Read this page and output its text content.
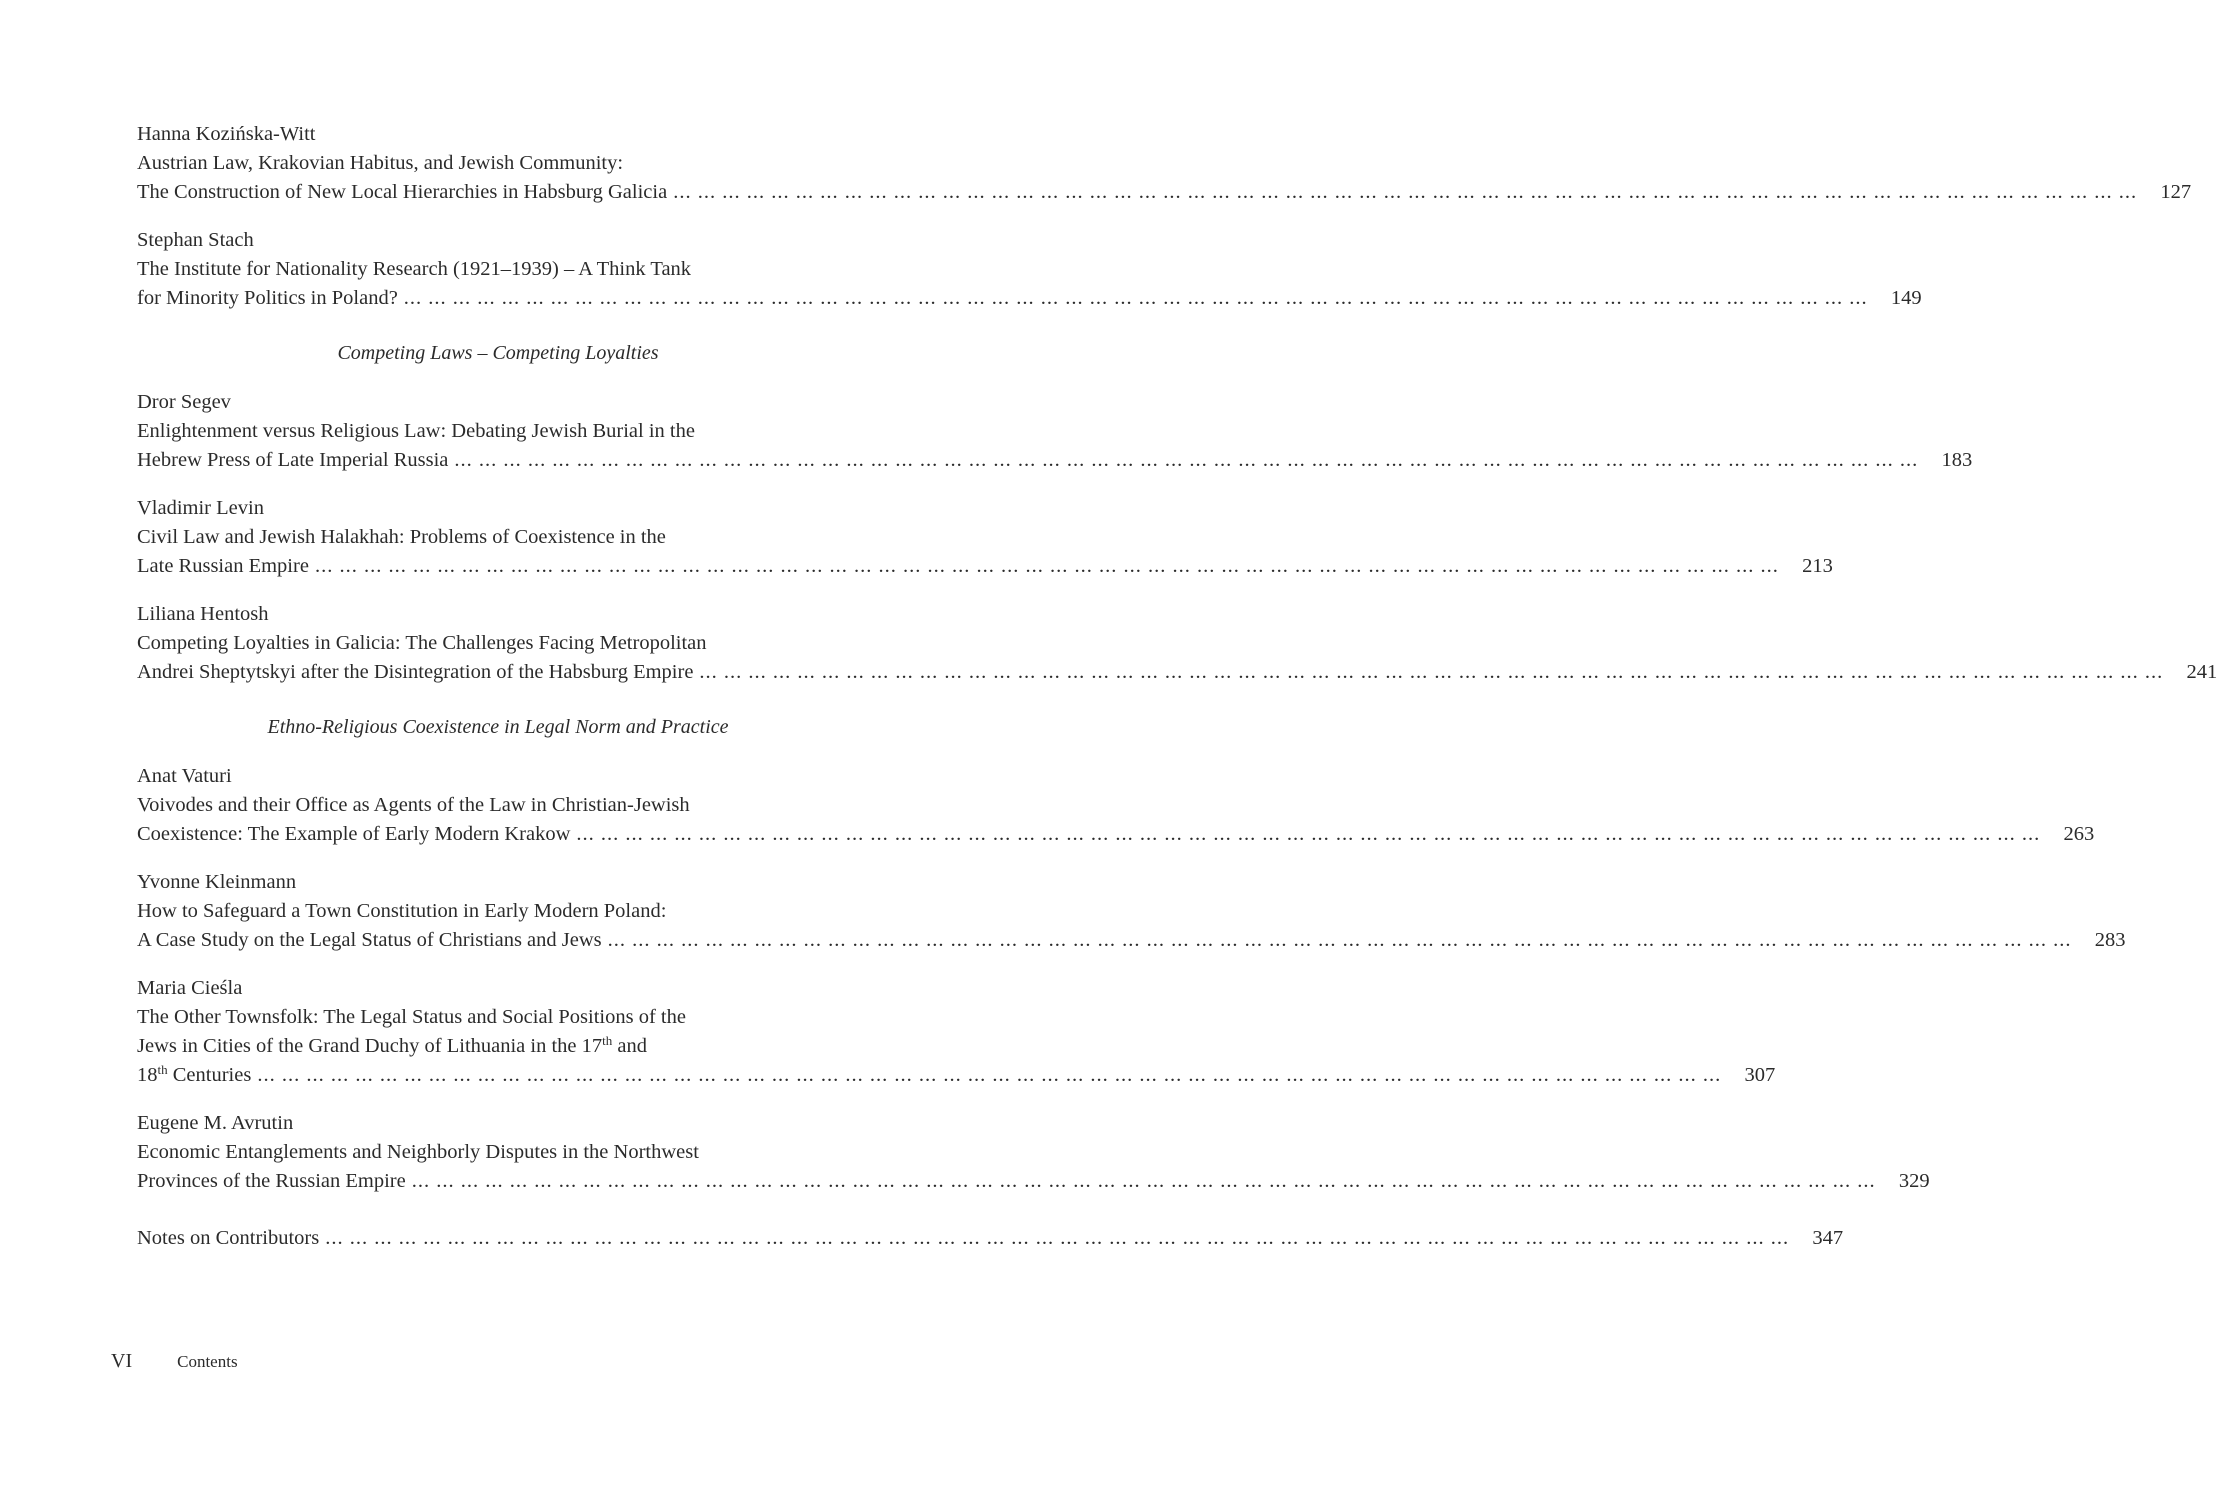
Hanna Kozińska-Witt
Austrian Law, Krakovian Habitus, and Jewish Community:
The Construction of New Local Hierarchies in Habsburg Galicia ... ... ... ... ... ... ... ... ... ... ... ... ... ... ... ... ... ... ... ... ... ... ... ... ... ... ... ... ... ... ... ... ... ... ... ... ... ... ... ... ... ... ... ... ... ... ... ... ... ... ... ... ... ... ... ... ... ... ... ... 127
Stephan Stach
The Institute for Nationality Research (1921–1939) – A Think Tank
for Minority Politics in Poland? ... ... ... ... ... ... ... ... ... ... ... ... ... ... ... ... ... ... ... ... ... ... ... ... ... ... ... ... ... ... ... ... ... ... ... ... ... ... ... ... ... ... ... ... ... ... ... ... ... ... ... ... ... ... ... ... ... ... ... ... 149
Competing Laws – Competing Loyalties
Dror Segev
Enlightenment versus Religious Law: Debating Jewish Burial in the
Hebrew Press of Late Imperial Russia ... ... ... ... ... ... ... ... ... ... ... ... ... ... ... ... ... ... ... ... ... ... ... ... ... ... ... ... ... ... ... ... ... ... ... ... ... ... ... ... ... ... ... ... ... ... ... ... ... ... ... ... ... ... ... ... ... ... ... ... 183
Vladimir Levin
Civil Law and Jewish Halakhah: Problems of Coexistence in the
Late Russian Empire ... ... ... ... ... ... ... ... ... ... ... ... ... ... ... ... ... ... ... ... ... ... ... ... ... ... ... ... ... ... ... ... ... ... ... ... ... ... ... ... ... ... ... ... ... ... ... ... ... ... ... ... ... ... ... ... ... ... ... ... 213
Liliana Hentosh
Competing Loyalties in Galicia: The Challenges Facing Metropolitan
Andrei Sheptytskyi after the Disintegration of the Habsburg Empire ... ... ... ... ... ... ... ... ... ... ... ... ... ... ... ... ... ... ... ... ... ... ... ... ... ... ... ... ... ... ... ... ... ... ... ... ... ... ... ... ... ... ... ... ... ... ... ... ... ... ... ... ... ... ... ... ... ... ... ... 241
Ethno-Religious Coexistence in Legal Norm and Practice
Anat Vaturi
Voivodes and their Office as Agents of the Law in Christian-Jewish
Coexistence: The Example of Early Modern Krakow ... ... ... ... ... ... ... ... ... ... ... ... ... ... ... ... ... ... ... ... ... ... ... ... ... ... ... ... ... ... ... ... ... ... ... ... ... ... ... ... ... ... ... ... ... ... ... ... ... ... ... ... ... ... ... ... ... ... ... ... 263
Yvonne Kleinmann
How to Safeguard a Town Constitution in Early Modern Poland:
A Case Study on the Legal Status of Christians and Jews ... ... ... ... ... ... ... ... ... ... ... ... ... ... ... ... ... ... ... ... ... ... ... ... ... ... ... ... ... ... ... ... ... ... ... ... ... ... ... ... ... ... ... ... ... ... ... ... ... ... ... ... ... ... ... ... ... ... ... ... 283
Maria Cieśla
The Other Townsfolk: The Legal Status and Social Positions of the
Jews in Cities of the Grand Duchy of Lithuania in the 17th and
18th Centuries ... ... ... ... ... ... ... ... ... ... ... ... ... ... ... ... ... ... ... ... ... ... ... ... ... ... ... ... ... ... ... ... ... ... ... ... ... ... ... ... ... ... ... ... ... ... ... ... ... ... ... ... ... ... ... ... ... ... ... ... 307
Eugene M. Avrutin
Economic Entanglements and Neighborly Disputes in the Northwest
Provinces of the Russian Empire ... ... ... ... ... ... ... ... ... ... ... ... ... ... ... ... ... ... ... ... ... ... ... ... ... ... ... ... ... ... ... ... ... ... ... ... ... ... ... ... ... ... ... ... ... ... ... ... ... ... ... ... ... ... ... ... ... ... ... ... 329
Notes on Contributors ... ... ... ... ... ... ... ... ... ... ... ... ... ... ... ... ... ... ... ... ... ... ... ... ... ... ... ... ... ... ... ... ... ... ... ... ... ... ... ... ... ... ... ... ... ... ... ... ... ... ... ... ... ... ... ... ... ... ... ... 347
VI	Contents
